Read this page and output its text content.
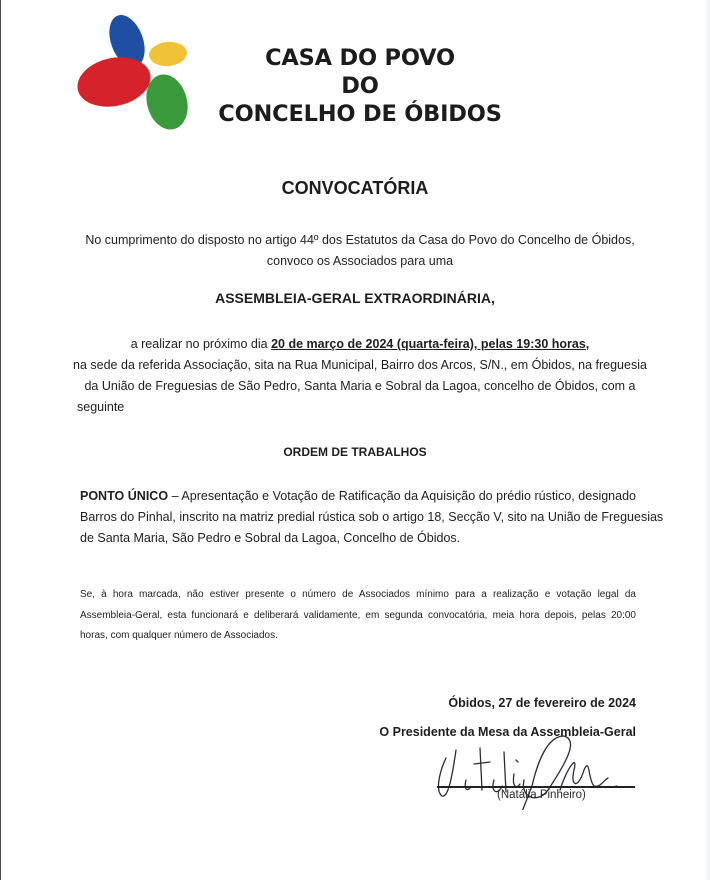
CASA DO POVO
DO
CONCELHO DE ÓBIDOS
CONVOCATÓRIA
No cumprimento do disposto no artigo 44º dos Estatutos da Casa do Povo do Concelho de Óbidos,
convoco os Associados para uma
ASSEMBLEIA-GERAL EXTRAORDINÁRIA,
a realizar no próximo dia 20 de março de 2024 (quarta-feira), pelas 19:30 horas,
na sede da referida Associação, sita na Rua Municipal, Bairro dos Arcos, S/N., em Óbidos, na freguesia
da União de Freguesias de São Pedro, Santa Maria e Sobral da Lagoa, concelho de Óbidos, com a
seguinte
ORDEM DE TRABALHOS
PONTO ÚNICO – Apresentação e Votação de Ratificação da Aquisição do prédio rústico, designado
Barros do Pinhal, inscrito na matriz predial rústica sob o artigo 18, Secção V, sito na União de Freguesias
de Santa Maria, São Pedro e Sobral da Lagoa, Concelho de Óbidos.
Se, à hora marcada, não estiver presente o número de Associados mínimo para a realização e votação legal da
Assembleia-Geral, esta funcionará e deliberará validamente, em segunda convocatória, meia hora depois, pelas 20:00
horas, com qualquer número de Associados.
Óbidos, 27 de fevereiro de 2024
O Presidente da Mesa da Assembleia-Geral
(Natália Pinheiro)
